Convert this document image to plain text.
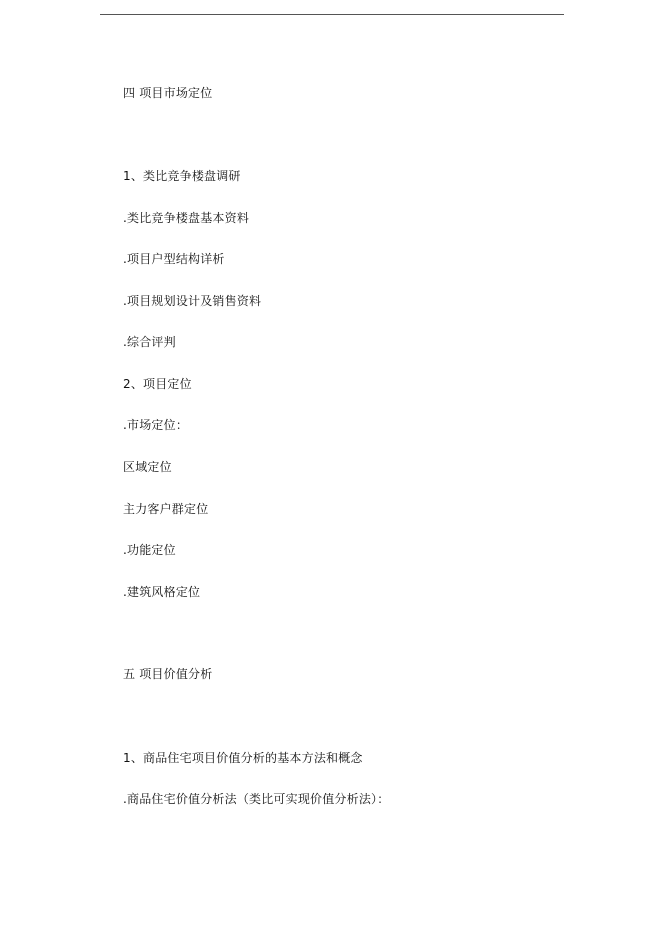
四 项目市场定位
1、类比竞争楼盘调研
.类比竞争楼盘基本资料
.项目户型结构详析
.项目规划设计及销售资料
.综合评判
2、项目定位
.市场定位：
区域定位
主力客户群定位
.功能定位
.建筑风格定位
五 项目价值分析
1、商品住宅项目价值分析的基本方法和概念
.商品住宅价值分析法（类比可实现价值分析法）：
